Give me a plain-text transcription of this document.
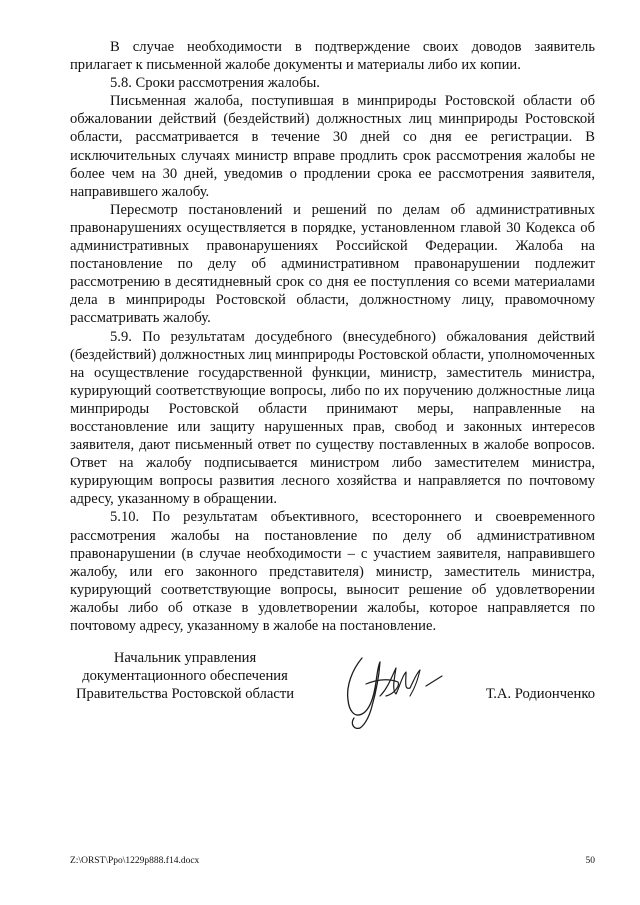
В случае необходимости в подтверждение своих доводов заявитель прилагает к письменной жалобе документы и материалы либо их копии.

5.8. Сроки рассмотрения жалобы.

Письменная жалоба, поступившая в минприроды Ростовской области об обжаловании действий (бездействий) должностных лиц минприроды Ростовской области, рассматривается в течение 30 дней со дня ее регистрации. В исключительных случаях министр вправе продлить срок рассмотрения жалобы не более чем на 30 дней, уведомив о продлении срока ее рассмотрения заявителя, направившего жалобу.

Пересмотр постановлений и решений по делам об административных правонарушениях осуществляется в порядке, установленном главой 30 Кодекса об административных правонарушениях Российской Федерации. Жалоба на постановление по делу об административном правонарушении подлежит рассмотрению в десятидневный срок со дня ее поступления со всеми материалами дела в минприроды Ростовской области, должностному лицу, правомочному рассматривать жалобу.

5.9. По результатам досудебного (внесудебного) обжалования действий (бездействий) должностных лиц минприроды Ростовской области, уполномоченных на осуществление государственной функции, министр, заместитель министра, курирующий соответствующие вопросы, либо по их поручению должностные лица минприроды Ростовской области принимают меры, направленные на восстановление или защиту нарушенных прав, свобод и законных интересов заявителя, дают письменный ответ по существу поставленных в жалобе вопросов. Ответ на жалобу подписывается министром либо заместителем министра, курирующим вопросы развития лесного хозяйства и направляется по почтовому адресу, указанному в обращении.

5.10. По результатам объективного, всестороннего и своевременного рассмотрения жалобы на постановление по делу об административном правонарушении (в случае необходимости – с участием заявителя, направившего жалобу, или его законного представителя) министр, заместитель министра, курирующий соответствующие вопросы, выносит решение об удовлетворении жалобы либо об отказе в удовлетворении жалобы, которое направляется по почтовому адресу, указанному в жалобе на постановление.

Начальник управления
документационного обеспечения
Правительства Ростовской области	Т.А. Родионченко
Z:\ORST\Ppo\1229p888.f14.docx	50
